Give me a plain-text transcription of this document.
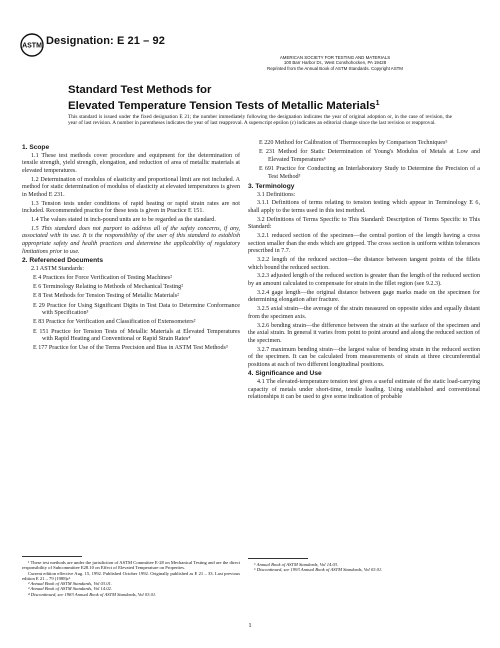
ASTM Designation: E 21 – 92
AMERICAN SOCIETY FOR TESTING AND MATERIALS
100 Barr Harbor Dr., West Conshohocken, PA 19428
Reprinted from the Annual Book of ASTM Standards. Copyright ASTM
Standard Test Methods for
Elevated Temperature Tension Tests of Metallic Materials$^1$
This standard is issued under the fixed designation E 21; the number immediately following the designation indicates the year of original adoption or, in the case of revision, the year of last revision. A number in parentheses indicates the year of last reapproval. A superscript epsilon (ε) indicates an editorial change since the last revision or reapproval.

1. Scope

1.1 These test methods cover procedure and equipment for the determination of tensile strength, yield strength, elongation, and reduction of area of metallic materials at elevated temperatures.

1.2 Determination of modulus of elasticity and proportional limit are not included. A method for static determination of modulus of elasticity at elevated temperatures is given in Method E 231.

1.3 Tension tests under conditions of rapid heating or rapid strain rates are not included. Recommended practice for these tests is given in Practice E 151.

1.4 The values stated in inch-pound units are to be regarded as the standard.

1.5 This standard does not purport to address all of the safety concerns, if any, associated with its use. It is the responsibility of the user of this standard to establish appropriate safety and health practices and determine the applicability of regulatory limitations prior to use.

2. Referenced Documents

2.1 ASTM Standards:

E 4 Practices for Force Verification of Testing Machines²

E 6 Terminology Relating to Methods of Mechanical Testing²

E 8 Test Methods for Tension Testing of Metallic Materials²

E 29 Practice for Using Significant Digits in Test Data to Determine Conformance with Specification³

E 83 Practice for Verification and Classification of Extensometers²

E 151 Practice for Tension Tests of Metallic Materials at Elevated Temperatures with Rapid Heating and Conventional or Rapid Strain Rates⁴

E 177 Practice for Use of the Terms Precision and Bias in ASTM Test Methods³

E 220 Method for Calibration of Thermocouples by Comparison Techniques⁵

E 231 Method for Static Determination of Young's Modulus of Metals at Low and Elevated Temperatures⁶

E 691 Practice for Conducting an Interlaboratory Study to Determine the Precision of a Test Method³

3. Terminology

3.1 Definitions:

3.1.1 Definitions of terms relating to tension testing which appear in Terminology E 6, shall apply to the terms used in this test method.

3.2 Definitions of Terms Specific to This Standard: Description of Terms Specific to This Standard:

3.2.1 reduced section of the specimen—the central portion of the length having a cross section smaller than the ends which are gripped. The cross section is uniform within tolerances prescribed in 7.7.

3.2.2 length of the reduced section—the distance between tangent points of the fillets which bound the reduced section.

3.2.3 adjusted length of the reduced section is greater than the length of the reduced section by an amount calculated to compensate for strain in the fillet region (see 9.2.3).

3.2.4 gage length—the original distance between gage marks made on the specimen for determining elongation after fracture.

3.2.5 axial strain—the average of the strain measured on opposite sides and equally distant from the specimen axis.

3.2.6 bending strain—the difference between the strain at the surface of the specimen and the axial strain. In general it varies from point to point around and along the reduced section of the specimen.

3.2.7 maximum bending strain—the largest value of bending strain in the reduced section of the specimen. It can be calculated from measurements of strain at three circumferential positions at each of two different longitudinal positions.

4. Significance and Use

4.1 The elevated-temperature tension test gives a useful estimate of the static load-carrying capacity of metals under short-time, tensile loading. Using established and conventional relationships it can be used to give some indication of probable

¹ These test methods are under the jurisdiction of ASTM Committee E-28 on Mechanical Testing and are the direct responsibility of Subcommittee E28.10 on Effect of Elevated Temperature on Properties.
Current edition effective Aug. 15, 1992. Published October 1992. Originally published as E 21 – 33. Last previous edition E 21 – 79 (1988)ε¹
² Annual Book of ASTM Standards, Vol 03.01.
³ Annual Book of ASTM Standards, Vol 14.02.
⁴ Discontinued, see 1983 Annual Book of ASTM Standards, Vol 03.01.
⁵ Annual Book of ASTM Standards, Vol 14.03.
⁶ Discontinued, see 1993 Annual Book of ASTM Standards, Vol 03.01.
1
